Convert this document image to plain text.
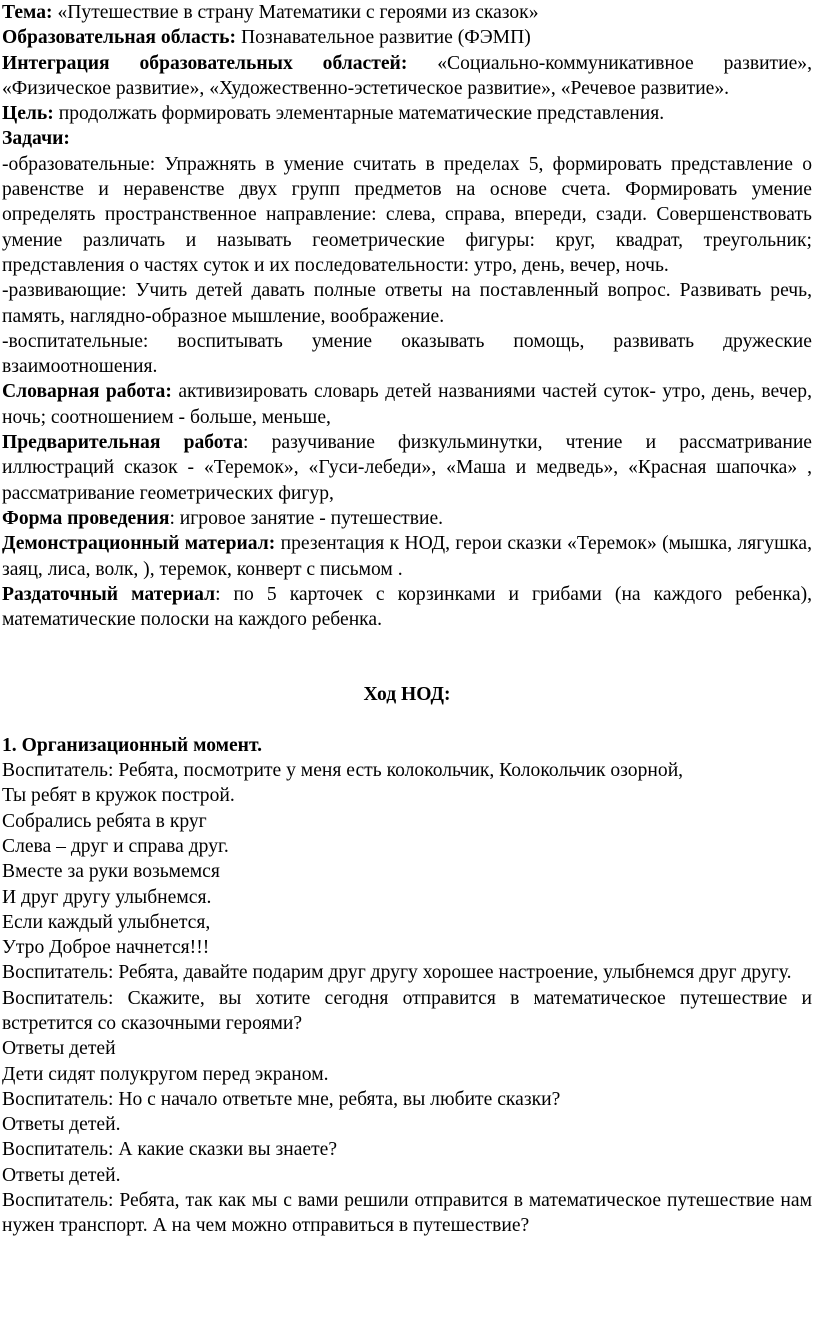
Тема: «Путешествие в страну Математики с героями из сказок»

Образовательная область: Познавательное развитие (ФЭМП)

Интеграция образовательных областей: «Социально-коммуникативное развитие», «Физическое развитие», «Художественно-эстетическое развитие», «Речевое развитие».

Цель: продолжать формировать элементарные математические представления.

Задачи:

-образовательные: Упражнять в умение считать в пределах 5, формировать представление о равенстве и неравенстве двух групп предметов на основе счета. Формировать умение определять пространственное направление: слева, справа, впереди, сзади. Совершенствовать умение различать и называть геометрические фигуры: круг, квадрат, треугольник; представления о частях суток и их последовательности: утро, день, вечер, ночь.

-развивающие: Учить детей давать полные ответы на поставленный вопрос. Развивать речь, память, наглядно-образное мышление, воображение.

-воспитательные: воспитывать умение оказывать помощь, развивать дружеские взаимоотношения.

Словарная работа: активизировать словарь детей названиями частей суток- утро, день, вечер, ночь; соотношением - больше, меньше,

Предварительная работа: разучивание физкульминутки, чтение и рассматривание иллюстраций сказок - «Теремок», «Гуси-лебеди», «Маша и медведь», «Красная шапочка» , рассматривание геометрических фигур,

Форма проведения: игровое занятие - путешествие.

Демонстрационный материал: презентация к НОД, герои сказки «Теремок» (мышка, лягушка, заяц, лиса, волк, ), теремок, конверт с письмом .

Раздаточный материал: по 5 карточек с корзинками и грибами (на каждого ребенка), математические полоски на каждого ребенка.

Ход НОД:

1. Организационный момент.

Воспитатель: Ребята, посмотрите у меня есть колокольчик, Колокольчик озорной,

Ты ребят в кружок построй.

Собрались ребята в круг

Слева – друг и справа друг.

Вместе за руки возьмемся

И друг другу улыбнемся.

Если каждый улыбнется,

Утро Доброе начнется!!!

Воспитатель: Ребята, давайте подарим друг другу хорошее настроение, улыбнемся друг другу.

Воспитатель: Скажите, вы хотите сегодня отправится в математическое путешествие и встретится со сказочными героями?

Ответы детей

Дети сидят полукругом перед экраном.

Воспитатель: Но с начало ответьте мне, ребята, вы любите сказки?

Ответы детей.

Воспитатель: А какие сказки вы знаете?

Ответы детей.

Воспитатель: Ребята, так как мы с вами решили отправится в математическое путешествие нам нужен транспорт. А на чем можно отправиться в путешествие?
